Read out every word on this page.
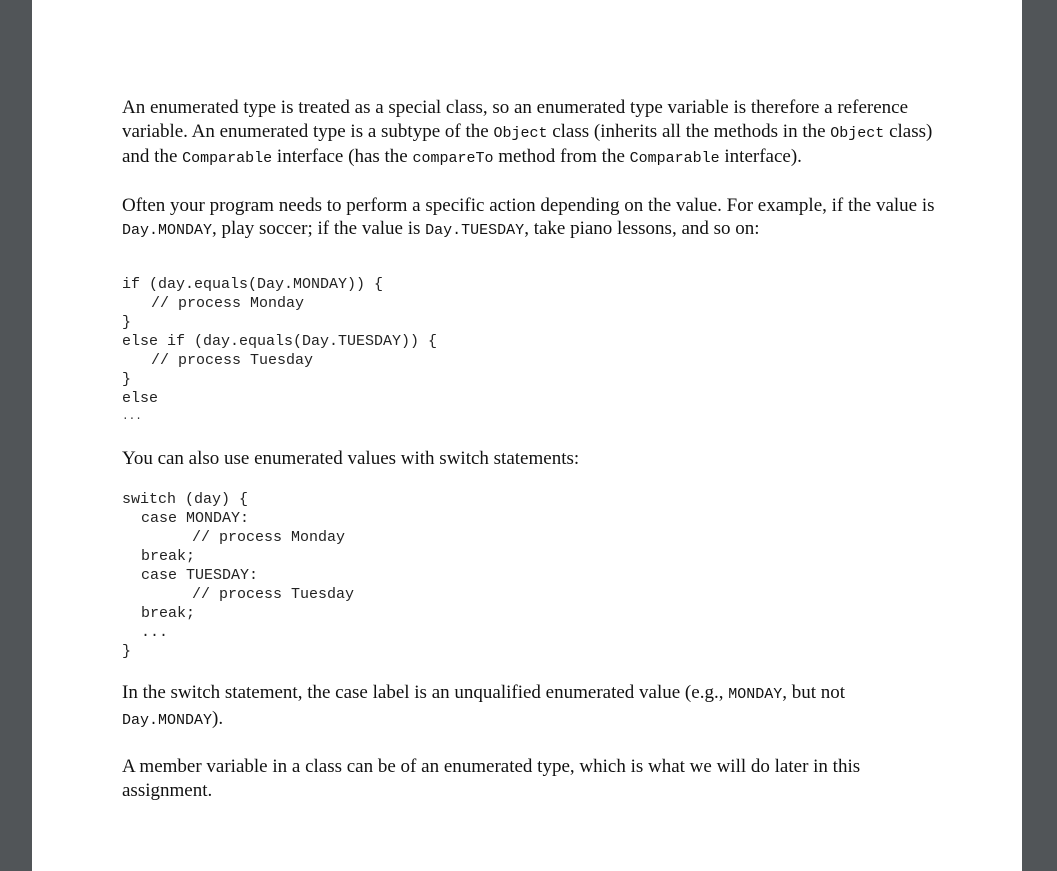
An enumerated type is treated as a special class, so an enumerated type variable is therefore a reference variable. An enumerated type is a subtype of the Object class (inherits all the methods in the Object class) and the Comparable interface (has the compareTo method from the Comparable interface).

Often your program needs to perform a specific action depending on the value. For example, if the value is Day.MONDAY, play soccer; if the value is Day.TUESDAY, take piano lessons, and so on:

if (day.equals(Day.MONDAY)) {
// process Monday
}
else if (day.equals(Day.TUESDAY)) {
// process Tuesday
}
else
...

You can also use enumerated values with switch statements:

switch (day) {
case MONDAY:
// process Monday
break;
case TUESDAY:
// process Tuesday
break;
...
}

In the switch statement, the case label is an unqualified enumerated value (e.g., MONDAY, but not Day.MONDAY).

A member variable in a class can be of an enumerated type, which is what we will do later in this assignment.
